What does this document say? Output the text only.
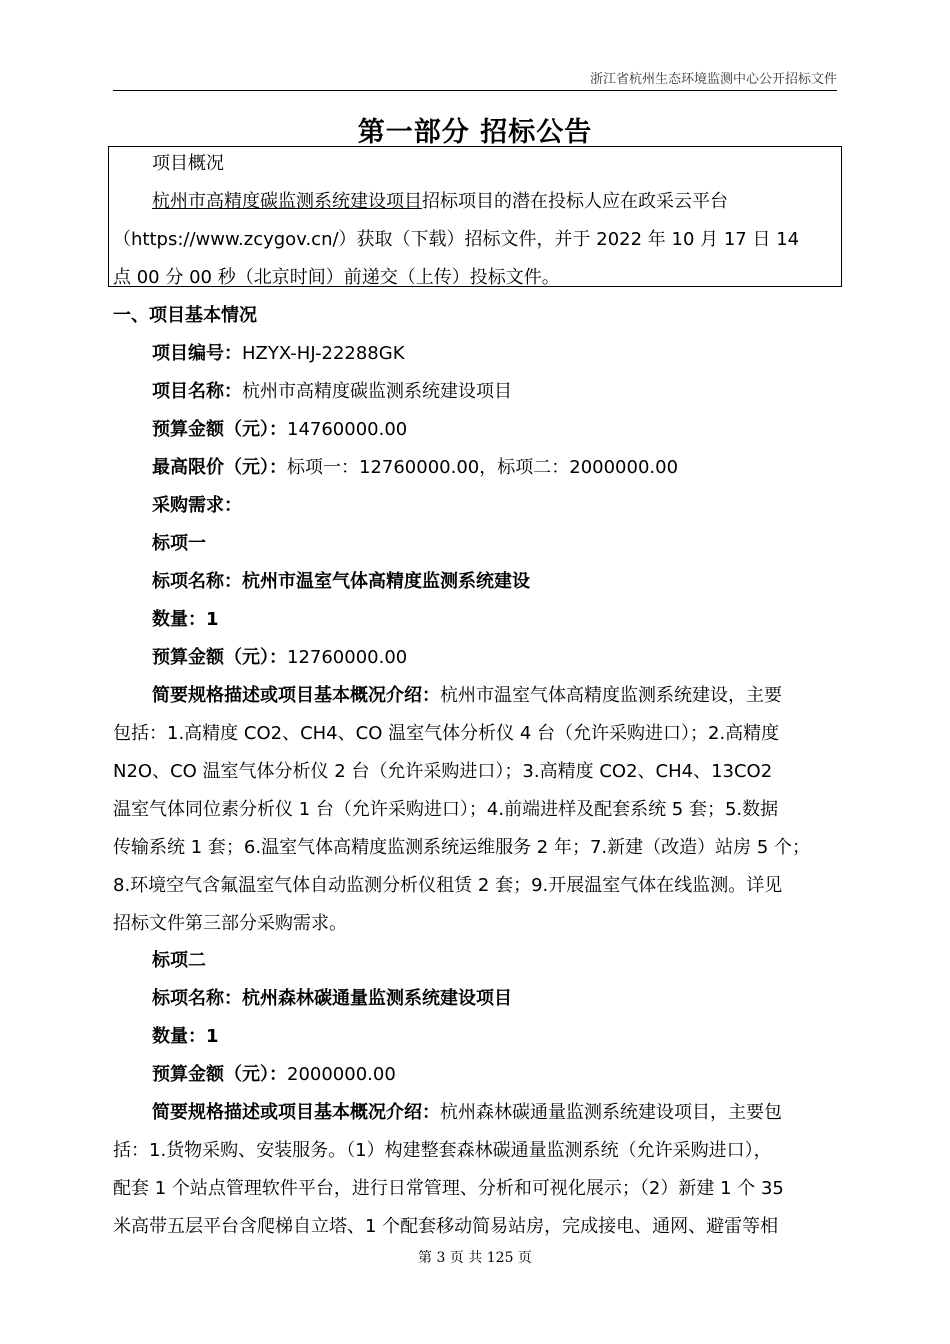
浙江省杭州生态环境监测中心公开招标文件
第一部分 招标公告
项目概况
杭州市高精度碳监测系统建设项目招标项目的潜在投标人应在政采云平台
（https://www.zcygov.cn/）获取（下载）招标文件，并于 2022 年 10 月 17 日 14
点 00 分 00 秒（北京时间）前递交（上传）投标文件。
一、项目基本情况
项目编号：HZYX-HJ-22288GK
项目名称：杭州市高精度碳监测系统建设项目
预算金额（元）：14760000.00
最高限价（元）：标项一：12760000.00，标项二：2000000.00
采购需求：
标项一
标项名称：杭州市温室气体高精度监测系统建设
数量：1
预算金额（元）：12760000.00
简要规格描述或项目基本概况介绍：杭州市温室气体高精度监测系统建设，主要
包括：1.高精度 CO2、CH4、CO 温室气体分析仪 4 台（允许采购进口）；2.高精度
N2O、CO 温室气体分析仪 2 台（允许采购进口）；3.高精度 CO2、CH4、13CO2
温室气体同位素分析仪 1 台（允许采购进口）；4.前端进样及配套系统 5 套；5.数据
传输系统 1 套；6.温室气体高精度监测系统运维服务 2 年；7.新建（改造）站房 5 个；
8.环境空气含氟温室气体自动监测分析仪租赁 2 套；9.开展温室气体在线监测。详见
招标文件第三部分采购需求。
标项二
标项名称：杭州森林碳通量监测系统建设项目
数量：1
预算金额（元）：2000000.00
简要规格描述或项目基本概况介绍：杭州森林碳通量监测系统建设项目，主要包
括：1.货物采购、安装服务。（1）构建整套森林碳通量监测系统（允许采购进口），
配套 1 个站点管理软件平台，进行日常管理、分析和可视化展示；（2）新建 1 个 35
米高带五层平台含爬梯自立塔、1 个配套移动简易站房，完成接电、通网、避雷等相
第 3 页 共 125 页
